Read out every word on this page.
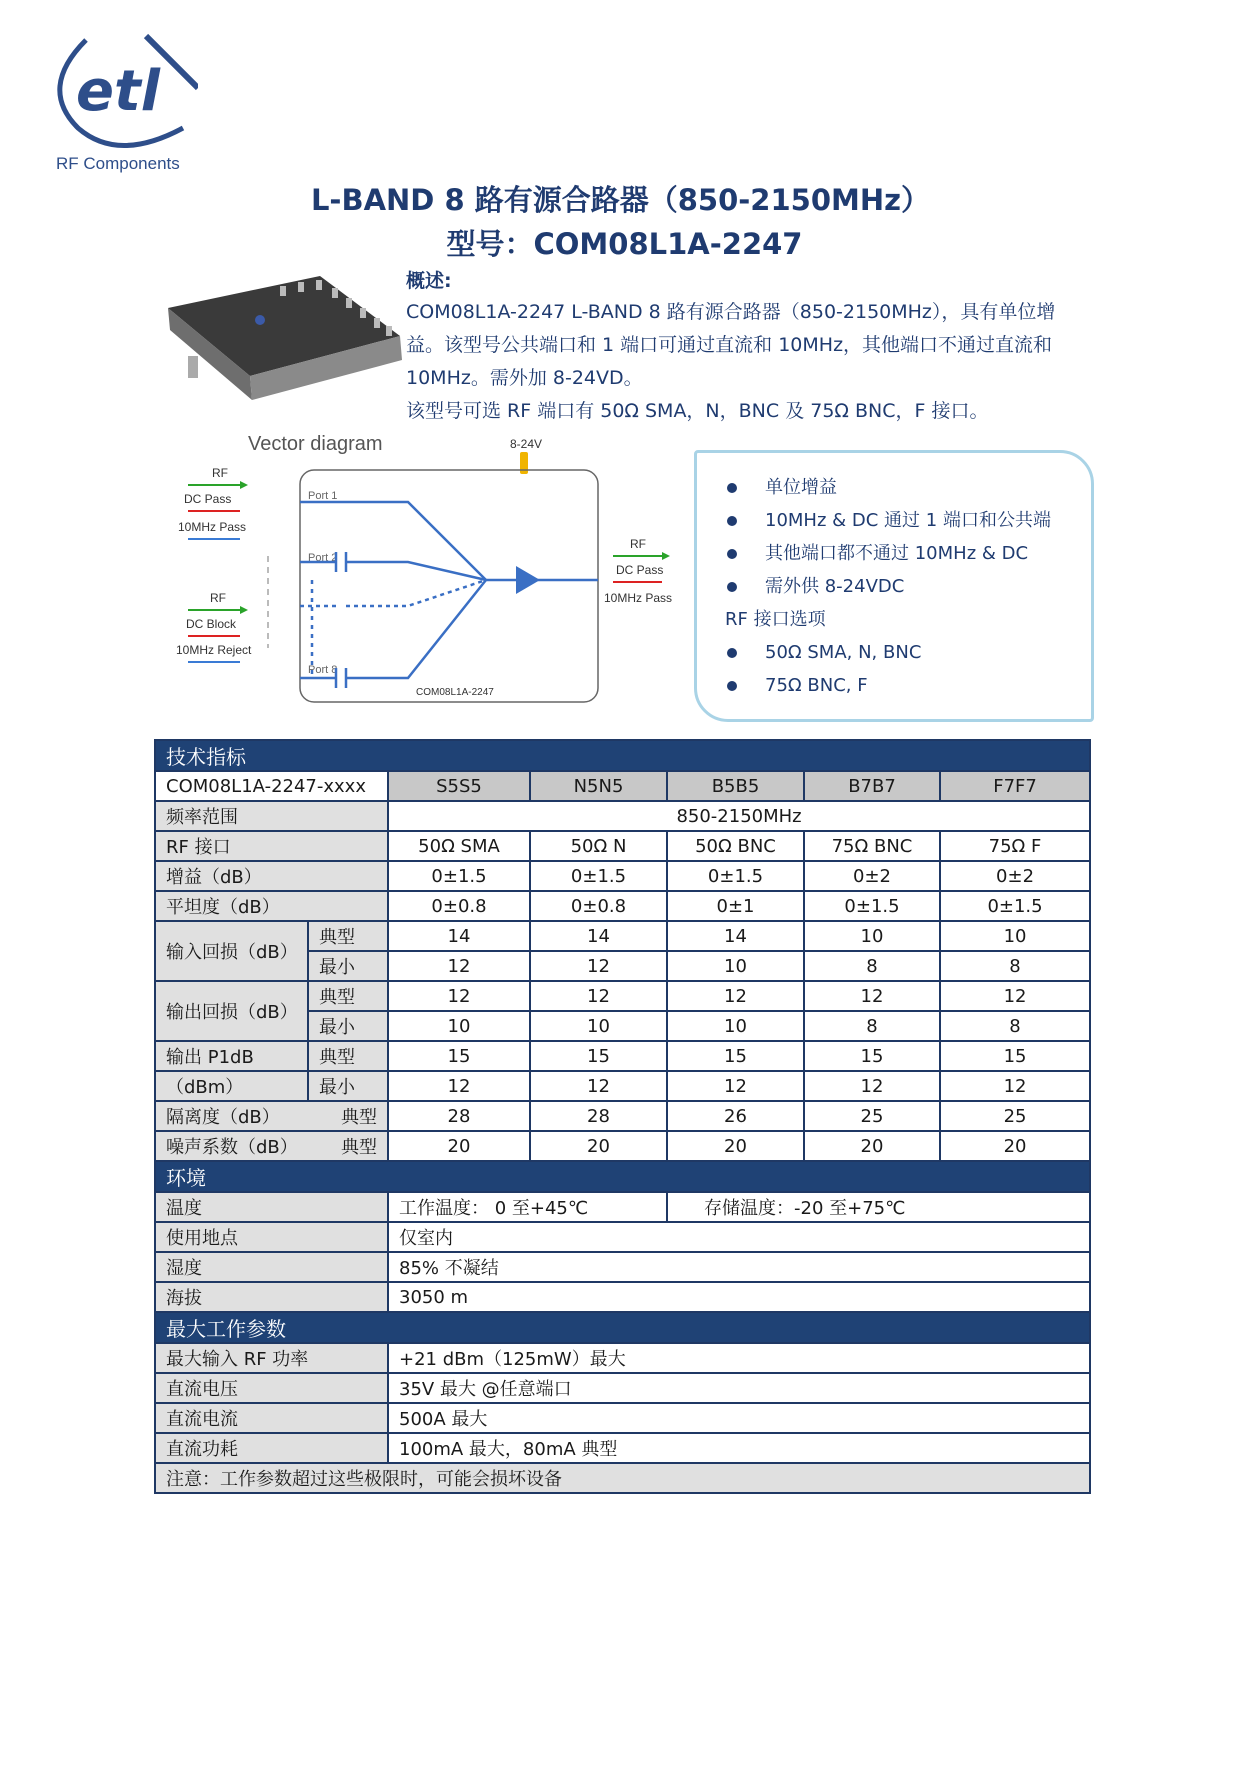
etl
RF Components
L-BAND 8 路有源合路器（850-2150MHz）
型号：COM08L1A-2247
概述:

COM08L1A-2247 L-BAND 8 路有源合路器（850-2150MHz），具有单位增益。该型号公共端口和 1 端口可通过直流和 10MHz，其他端口不通过直流和 10MHz。需外加 8-24VD。

该型号可选 RF 端口有 50Ω SMA，N，BNC 及 75Ω BNC，F 接口。

Vector diagram	8-24V
RF
DC Pass
10MHz Pass
Port 1
Port 2
Port 8
RF
DC Block
10MHz Reject
COM08L1A-2247
RF
DC Pass
10MHz Pass
单位增益
10MHz & DC 通过 1 端口和公共端
其他端口都不通过 10MHz & DC
需外供 8-24VDC
RF 接口选项
50Ω SMA, N, BNC
75Ω BNC, F
技术指标						
COM08L1A-2247-xxxx		S5S5	N5N5	B5B5	B7B7	F7F7
频率范围		850-2150MHz				
RF 接口		50Ω SMA	50Ω N	50Ω BNC	75Ω BNC	75Ω F
增益（dB）		0±1.5	0±1.5	0±1.5	0±2	0±2
平坦度（dB）		0±0.8	0±0.8	0±1	0±1.5	0±1.5
输入回损（dB）	典型	14	14	14	10	10
	最小	12	12	10	8	8
输出回损（dB）	典型	12	12	12	12	12
	最小	10	10	10	8	8
输出 P1dB	典型	15	15	15	15	15
（dBm）	最小	12	12	12	12	12

隔离度（dB） 典型		28	28	26	25	25

噪声系数（dB） 典型		20	20	20	20	20
环境						
温度		工作温度： 0 至+45℃		存储温度：-20 至+75℃		
使用地点		仅室内				
湿度		85% 不凝结				
海拔		3050 m				
最大工作参数						
最大输入 RF 功率		+21 dBm（125mW）最大				
直流电压		35V 最大 @任意端口				
直流电流		500A 最大				
直流功耗		100mA 最大，80mA 典型				
注意：工作参数超过这些极限时，可能会损坏设备						
